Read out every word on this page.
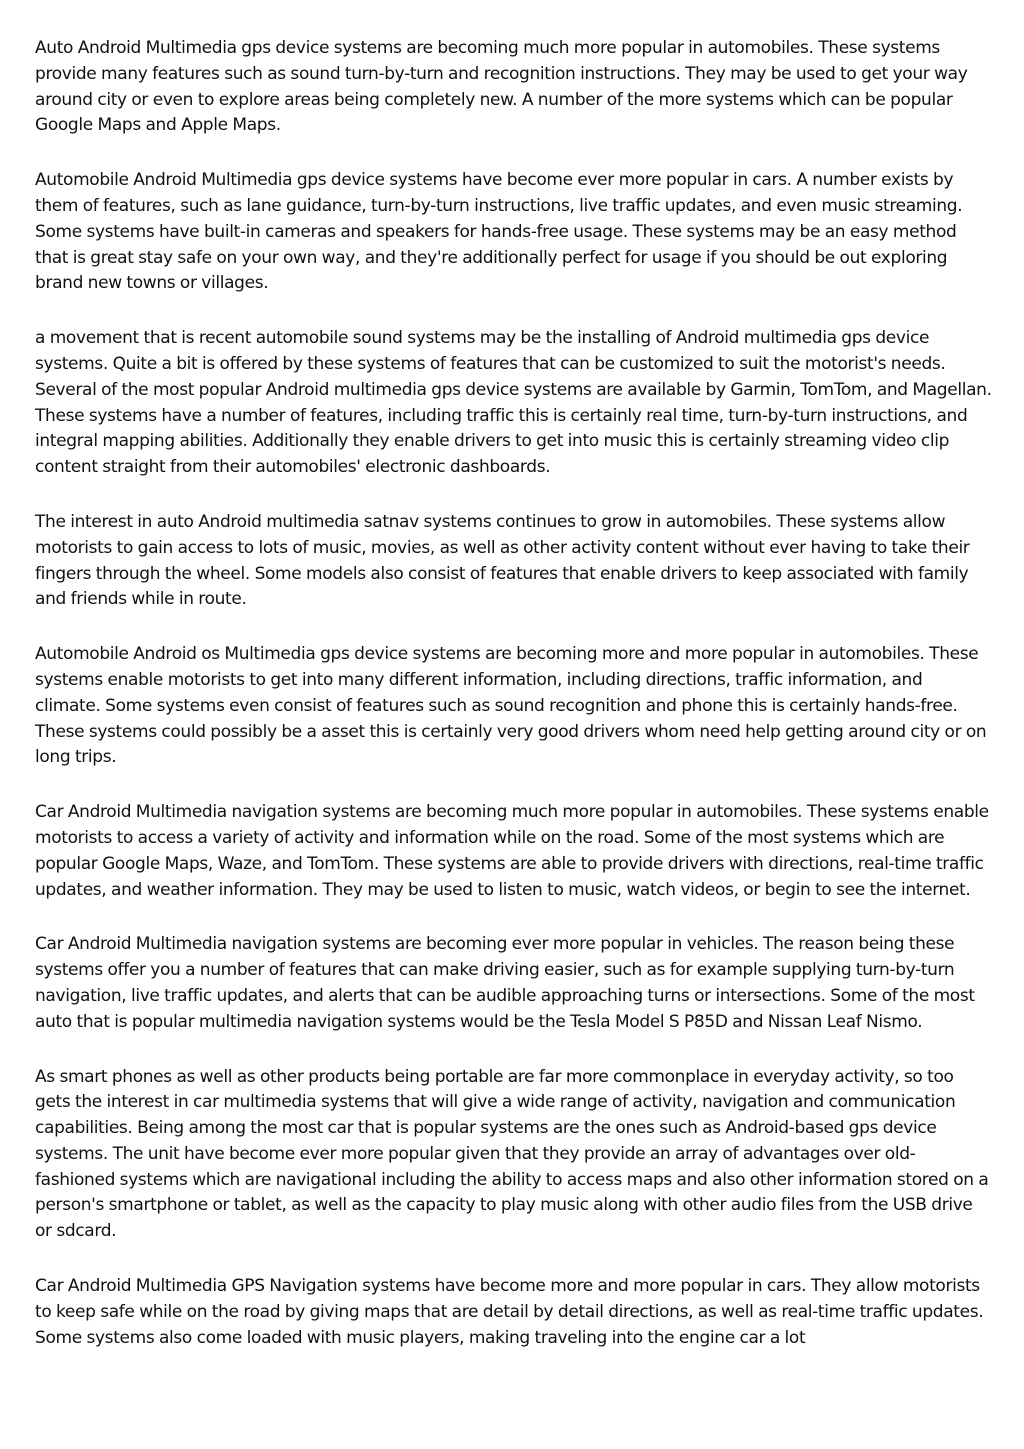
Auto Android Multimedia gps device systems are becoming much more popular in automobiles. These systems provide many features such as sound turn-by-turn and recognition instructions. They may be used to get your way around city or even to explore areas being completely new. A number of the more systems which can be popular Google Maps and Apple Maps.

Automobile Android Multimedia gps device systems have become ever more popular in cars. A number exists by them of features, such as lane guidance, turn-by-turn instructions, live traffic updates, and even music streaming. Some systems have built-in cameras and speakers for hands-free usage. These systems may be an easy method that is great stay safe on your own way, and they're additionally perfect for usage if you should be out exploring brand new towns or villages.

a movement that is recent automobile sound systems may be the installing of Android multimedia gps device systems. Quite a bit is offered by these systems of features that can be customized to suit the motorist's needs. Several of the most popular Android multimedia gps device systems are available by Garmin, TomTom, and Magellan. These systems have a number of features, including traffic this is certainly real time, turn-by-turn instructions, and integral mapping abilities. Additionally they enable drivers to get into music this is certainly streaming video clip content straight from their automobiles' electronic dashboards.

The interest in auto Android multimedia satnav systems continues to grow in automobiles. These systems allow motorists to gain access to lots of music, movies, as well as other activity content without ever having to take their fingers through the wheel. Some models also consist of features that enable drivers to keep associated with family and friends while in route.

Automobile Android os Multimedia gps device systems are becoming more and more popular in automobiles. These systems enable motorists to get into many different information, including directions, traffic information, and climate. Some systems even consist of features such as sound recognition and phone this is certainly hands-free. These systems could possibly be a asset this is certainly very good drivers whom need help getting around city or on long trips.

Car Android Multimedia navigation systems are becoming much more popular in automobiles. These systems enable motorists to access a variety of activity and information while on the road. Some of the most systems which are popular Google Maps, Waze, and TomTom. These systems are able to provide drivers with directions, real-time traffic updates, and weather information. They may be used to listen to music, watch videos, or begin to see the internet.

Car Android Multimedia navigation systems are becoming ever more popular in vehicles. The reason being these systems offer you a number of features that can make driving easier, such as for example supplying turn-by-turn navigation, live traffic updates, and alerts that can be audible approaching turns or intersections. Some of the most auto that is popular multimedia navigation systems would be the Tesla Model S P85D and Nissan Leaf Nismo.

As smart phones as well as other products being portable are far more commonplace in everyday activity, so too gets the interest in car multimedia systems that will give a wide range of activity, navigation and communication capabilities. Being among the most car that is popular systems are the ones such as Android-based gps device systems. The unit have become ever more popular given that they provide an array of advantages over old-fashioned systems which are navigational including the ability to access maps and also other information stored on a person's smartphone or tablet, as well as the capacity to play music along with other audio files from the USB drive or sdcard.

Car Android Multimedia GPS Navigation systems have become more and more popular in cars. They allow motorists to keep safe while on the road by giving maps that are detail by detail directions, as well as real-time traffic updates. Some systems also come loaded with music players, making traveling into the engine car a lot
